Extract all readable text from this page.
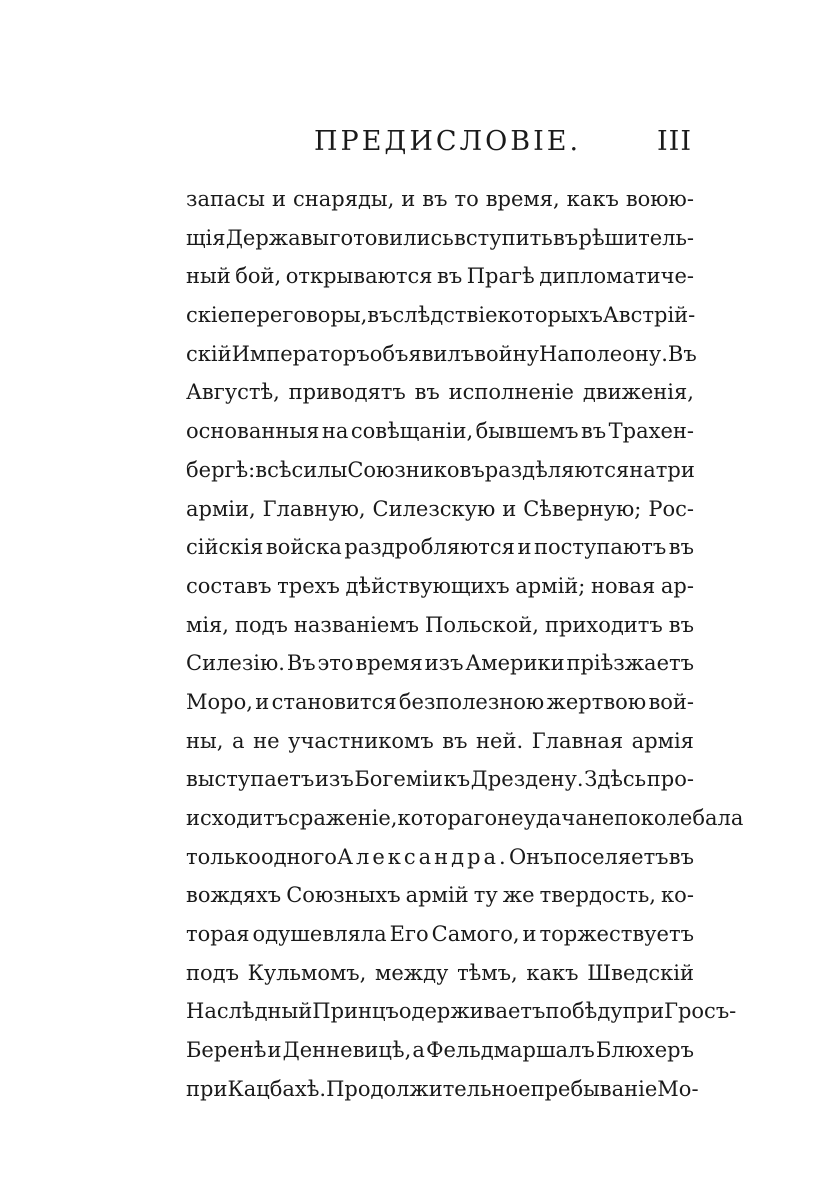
ПРЕДИСЛОВІЕ.	III
запасы и снаряды, и въ то время, какъ воюю-
щія Державы готовились вступить въ рѣшитель-
ный бой, открываются въ Прагѣ дипломатиче-
скіе переговоры, въ слѣдствіе которыхъ Австрій-
скій Императоръ объявилъ войну Наполеону. Въ
Августѣ, приводятъ въ исполненіе движенія,
основанныя на совѣщаніи, бывшемъ въ Трахен-
бергѣ: всѣ силы Союзниковъ раздѣляются на три
арміи, Главную, Силезскую и Сѣверную; Рос-
сійскія войска раздробляются и поступаютъ въ
составъ трехъ дѣйствующихъ армій; новая ар-
мія, подъ названіемъ Польской, приходитъ въ
Силезію. Въ это время изъ Америки пріѣзжаетъ
Моро, и становится безполезною жертвою вой-
ны, а не участникомъ въ ней. Главная армія
выступаетъ изъ Богеміи къ Дрездену. Здѣсь про-
исходитъ сраженіе, котораго неудача не поколебала
только одного Александра. Онъ поселяетъ въ
вождяхъ Союзныхъ армій ту же твердость, ко-
торая одушевляла Его Самого, и торжествуетъ
подъ Кульмомъ, между тѣмъ, какъ Шведскій
Наслѣдный Принцъ одерживаетъ побѣду при Гросъ-
Беренѣ и Денневицѣ, а Фельдмаршалъ Блюхеръ
при Кацбахѣ. Продолжительное пребываніе Мо-
